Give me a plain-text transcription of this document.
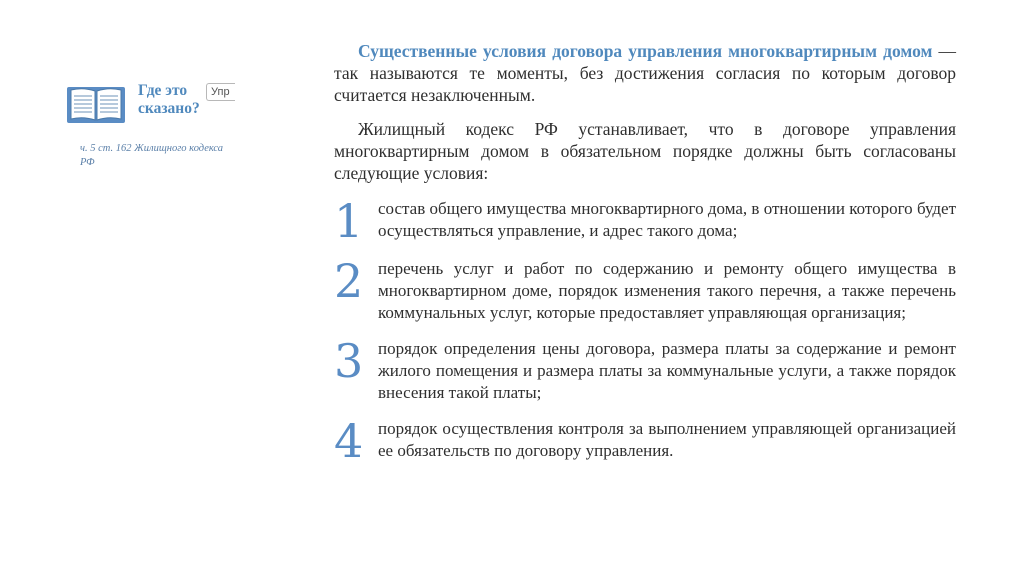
Где это сказано?
Упр
ч. 5 ст. 162 Жилищного кодекса РФ

Существенные условия договора управления многоквартирным домом — так называются те моменты, без достижения согласия по которым договор считается незаключенным.

Жилищный кодекс РФ устанавливает, что в договоре управления многоквартирным домом в обязательном порядке должны быть согласованы следующие условия:

1 состав общего имущества многоквартирного дома, в отношении которого будет осуществляться управление, и адрес такого дома;
2 перечень услуг и работ по содержанию и ремонту общего имущества в многоквартирном доме, порядок изменения такого перечня, а также перечень коммунальных услуг, которые предоставляет управляющая организация;
3 порядок определения цены договора, размера платы за содержание и ремонт жилого помещения и размера платы за коммунальные услуги, а также порядок внесения такой платы;
4 порядок осуществления контроля за выполнением управляющей организацией ее обязательств по договору управления.
